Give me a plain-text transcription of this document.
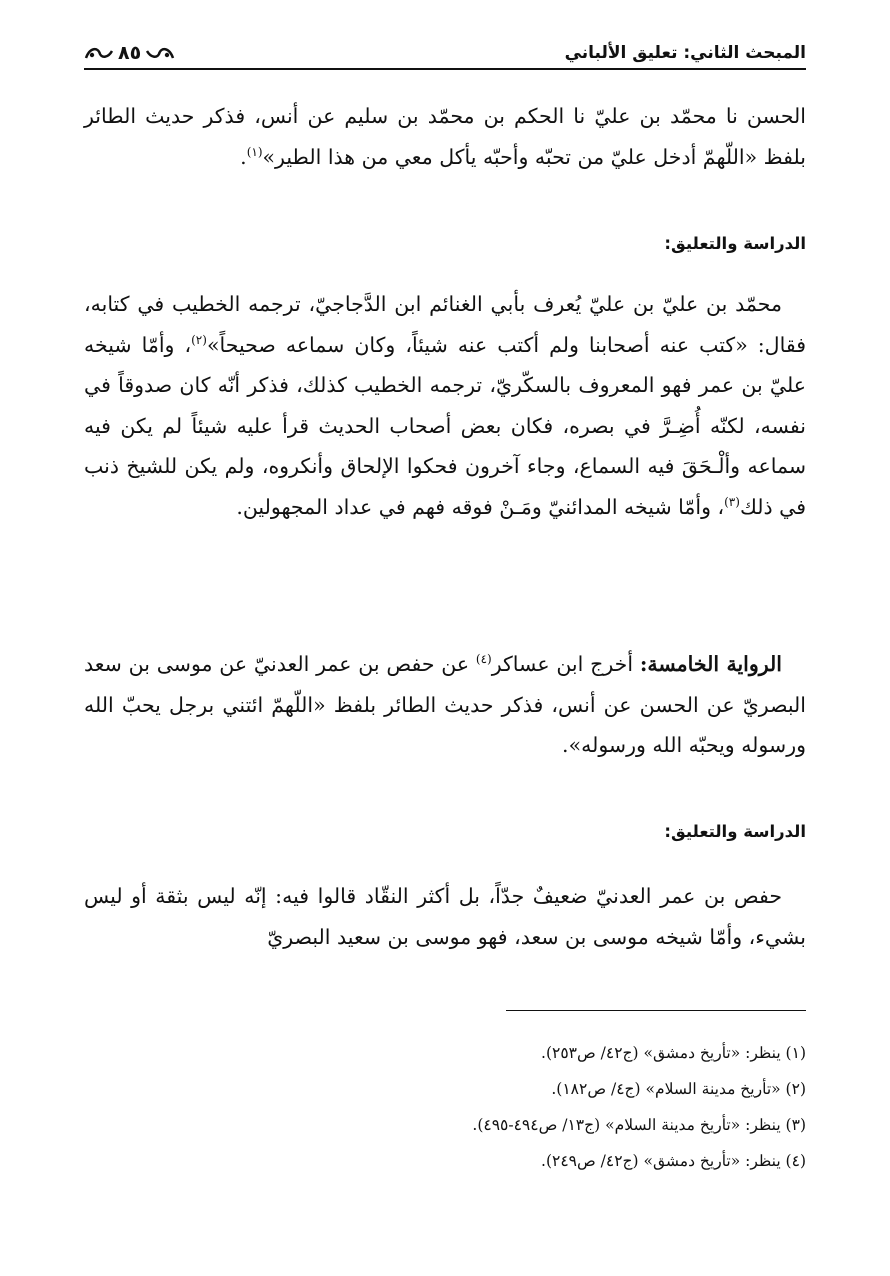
المبحث الثاني: تعليق الألباني
٨٥

الحسن نا محمّد بن عليّ نا الحكم بن محمّد بن سليم عن أنس، فذكر حديث الطائر بلفظ «اللّهمّ أدخل عليّ من تحبّه وأحبّه يأكل معي من هذا الطير»$^{(١)}$.

الدراسة والتعليق:

محمّد بن عليّ بن عليّ يُعرف بأبي الغنائم ابن الدَّجاجيّ، ترجمه الخطيب في كتابه، فقال: «كتب عنه أصحابنا ولم أكتب عنه شيئاً، وكان سماعه صحيحاً»$^{(٢)}$، وأمّا شيخه عليّ بن عمر فهو المعروف بالسكّريّ، ترجمه الخطيب كذلك، فذكر أنّه كان صدوقاً في نفسه، لكنّه أُضِـرَّ في بصره، فكان بعض أصحاب الحديث قرأ عليه شيئاً لم يكن فيه سماعه وألْـحَقَ فيه السماع، وجاء آخرون فحكوا الإلحاق وأنكروه، ولم يكن للشيخ ذنب في ذلك$^{(٣)}$، وأمّا شيخه المدائنيّ ومَـنْ فوقه فهم في عداد المجهولين.

الرواية الخامسة: أخرج ابن عساكر$^{(٤)}$ عن حفص بن عمر العدنيّ عن موسى بن سعد البصريّ عن الحسن عن أنس، فذكر حديث الطائر بلفظ «اللّهمّ ائتني برجل يحبّ الله ورسوله ويحبّه الله ورسوله».

الدراسة والتعليق:

حفص بن عمر العدنيّ ضعيفٌ جدّاً، بل أكثر النقّاد قالوا فيه: إنّه ليس بثقة أو ليس بشيء، وأمّا شيخه موسى بن سعد، فهو موسى بن سعيد البصريّ

(١) ينظر: «تأريخ دمشق» (ج٤٢/ ص٢٥٣).
(٢) «تأريخ مدينة السلام» (ج٤/ ص١٨٢).
(٣) ينظر: «تأريخ مدينة السلام» (ج١٣/ ص٤٩٤-٤٩٥).
(٤) ينظر: «تأريخ دمشق» (ج٤٢/ ص٢٤٩).
